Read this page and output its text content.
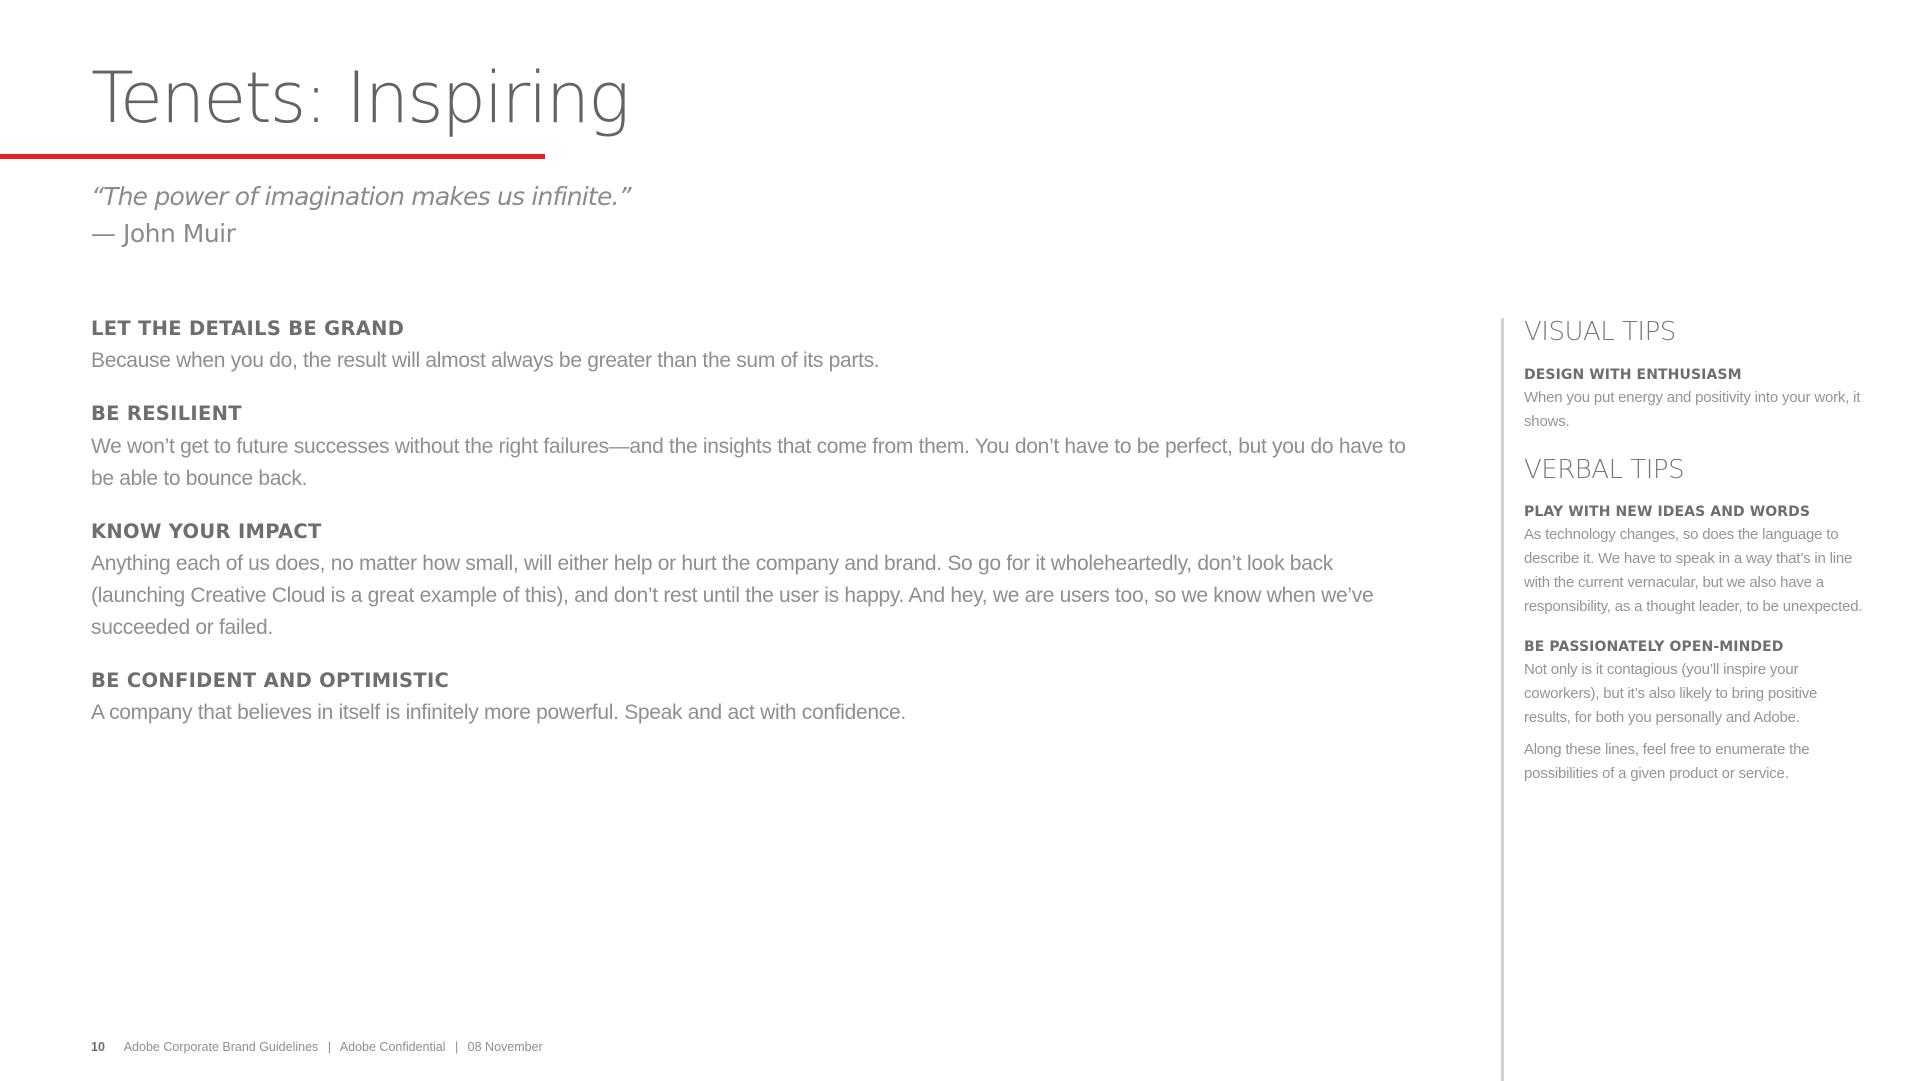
Tenets: Inspiring
“The power of imagination makes us infinite.”
— John Muir
LET THE DETAILS BE GRAND

Because when you do, the result will almost always be greater than the sum of its parts.

BE RESILIENT

We won’t get to future successes without the right failures—and the insights that come from them. You don’t have to be perfect, but you do have to be able to bounce back.

KNOW YOUR IMPACT

Anything each of us does, no matter how small, will either help or hurt the company and brand. So go for it wholeheartedly, don’t look back (launching Creative Cloud is a great example of this), and don’t rest until the user is happy. And hey, we are users too, so we know when we’ve succeeded or failed.

BE CONFIDENT AND OPTIMISTIC

A company that believes in itself is infinitely more powerful. Speak and act with confidence.

VISUAL TIPS
DESIGN WITH ENTHUSIASM

When you put energy and positivity into your work, it shows.

VERBAL TIPS
PLAY WITH NEW IDEAS AND WORDS

As technology changes, so does the language to describe it. We have to speak in a way that’s in line with the current vernacular, but we also have a responsibility, as a thought leader, to be unexpected.

BE PASSIONATELY OPEN-MINDED

Not only is it contagious (you’ll inspire your coworkers), but it’s also likely to bring positive results, for both you personally and Adobe.

Along these lines, feel free to enumerate the possibilities of a given product or service.

10 Adobe Corporate Brand Guidelines | Adobe Confidential | 08 November
